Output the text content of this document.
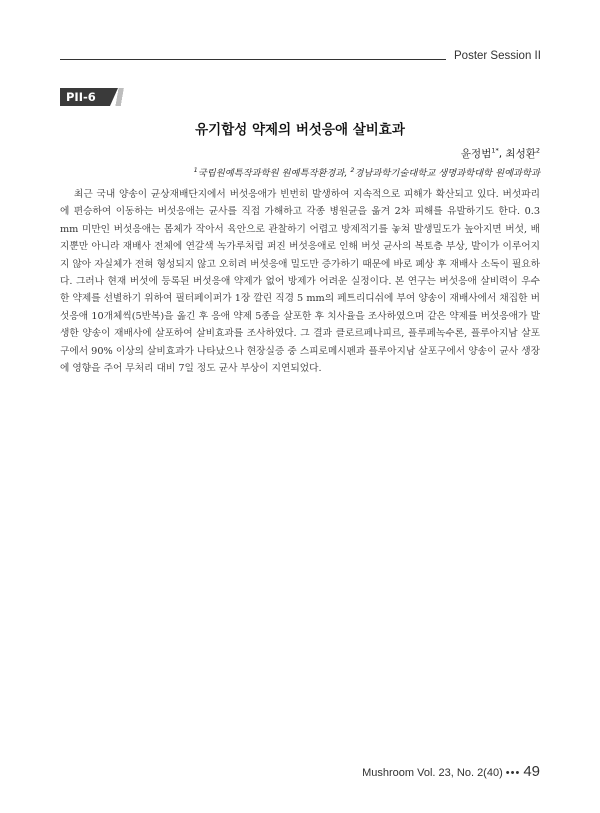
Poster Session II
PII-6
유기합성 약제의 버섯응애 살비효과
윤정범$^{1*}$, 최성환$^2$
$^1$국립원예특작과학원 원예특작환경과, $^2$경남과학기술대학교 생명과학대학 원예과학과

최근 국내 양송이 균상재배단지에서 버섯응애가 빈번히 발생하여 지속적으로 피해가 확산되고 있다. 버섯파리에 편승하여 이동하는 버섯응애는 균사를 직접 가해하고 각종 병원균을 옮겨 2차 피해를 유발하기도 한다. 0.3 mm 미만인 버섯응애는 몸체가 작아서 육안으로 관찰하기 어렵고 방제적기를 놓쳐 발생밀도가 높아지면 버섯, 배지뿐만 아니라 재배사 전체에 연갈색 녹가루처럼 퍼진 버섯응애로 인해 버섯 균사의 복토층 부상, 발이가 이루어지지 않아 자실체가 전혀 형성되지 않고 오히려 버섯응애 밀도만 증가하기 때문에 바로 폐상 후 재배사 소독이 필요하다. 그러나 현재 버섯에 등록된 버섯응애 약제가 없어 방제가 어려운 실정이다. 본 연구는 버섯응애 살비력이 우수한 약제를 선별하기 위하여 필터페이퍼가 1장 깔린 직경 5 mm의 페트리디쉬에 부여 양송이 재배사에서 채집한 버섯응애 10개체씩(5반복)을 옮긴 후 응애 약제 5종을 살포한 후 치사율을 조사하였으며 같은 약제를 버섯응애가 발생한 양송이 재배사에 살포하여 살비효과를 조사하였다. 그 결과 클로르페나피르, 플루페녹수론, 플루아지남 살포구에서 90% 이상의 살비효과가 나타났으나 현장실증 중 스피로메시펜과 플루아지남 살포구에서 양송이 균사 생장에 영향을 주어 무처리 대비 7일 정도 균사 부상이 지연되었다.

Mushroom Vol. 23, No. 2(40) ••• 49
